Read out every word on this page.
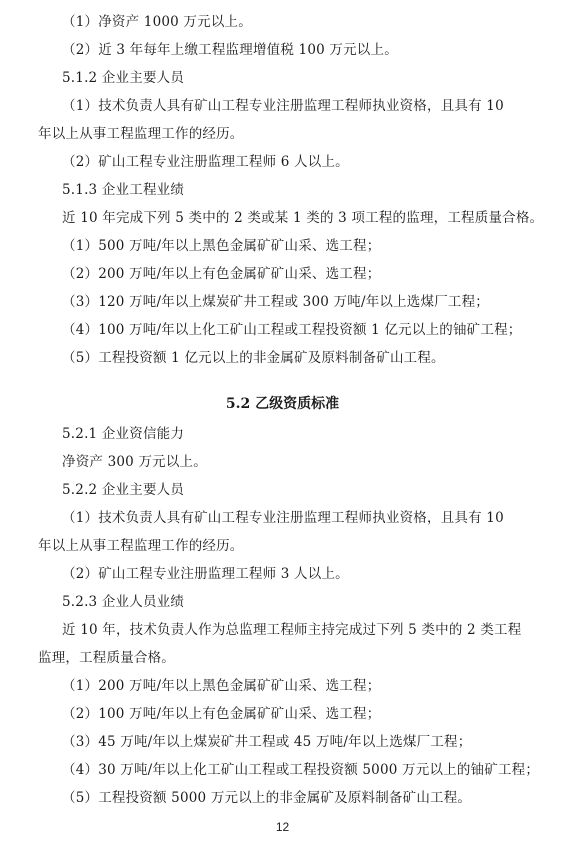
（1）净资产 1000 万元以上。
（2）近 3 年每年上缴工程监理增值税 100 万元以上。
5.1.2 企业主要人员
（1）技术负责人具有矿山工程专业注册监理工程师执业资格，且具有 10
年以上从事工程监理工作的经历。
（2）矿山工程专业注册监理工程师 6 人以上。
5.1.3 企业工程业绩
近 10 年完成下列 5 类中的 2 类或某 1 类的 3 项工程的监理，工程质量合格。
（1）500 万吨/年以上黑色金属矿矿山采、选工程；
（2）200 万吨/年以上有色金属矿矿山采、选工程；
（3）120 万吨/年以上煤炭矿井工程或 300 万吨/年以上选煤厂工程；
（4）100 万吨/年以上化工矿山工程或工程投资额 1 亿元以上的铀矿工程；
（5）工程投资额 1 亿元以上的非金属矿及原料制备矿山工程。
5.2 乙级资质标准
5.2.1 企业资信能力
净资产 300 万元以上。
5.2.2 企业主要人员
（1）技术负责人具有矿山工程专业注册监理工程师执业资格，且具有 10
年以上从事工程监理工作的经历。
（2）矿山工程专业注册监理工程师 3 人以上。
5.2.3 企业人员业绩
近 10 年，技术负责人作为总监理工程师主持完成过下列 5 类中的 2 类工程
监理，工程质量合格。
（1）200 万吨/年以上黑色金属矿矿山采、选工程；
（2）100 万吨/年以上有色金属矿矿山采、选工程；
（3）45 万吨/年以上煤炭矿井工程或 45 万吨/年以上选煤厂工程；
（4）30 万吨/年以上化工矿山工程或工程投资额 5000 万元以上的铀矿工程；
（5）工程投资额 5000 万元以上的非金属矿及原料制备矿山工程。
12
